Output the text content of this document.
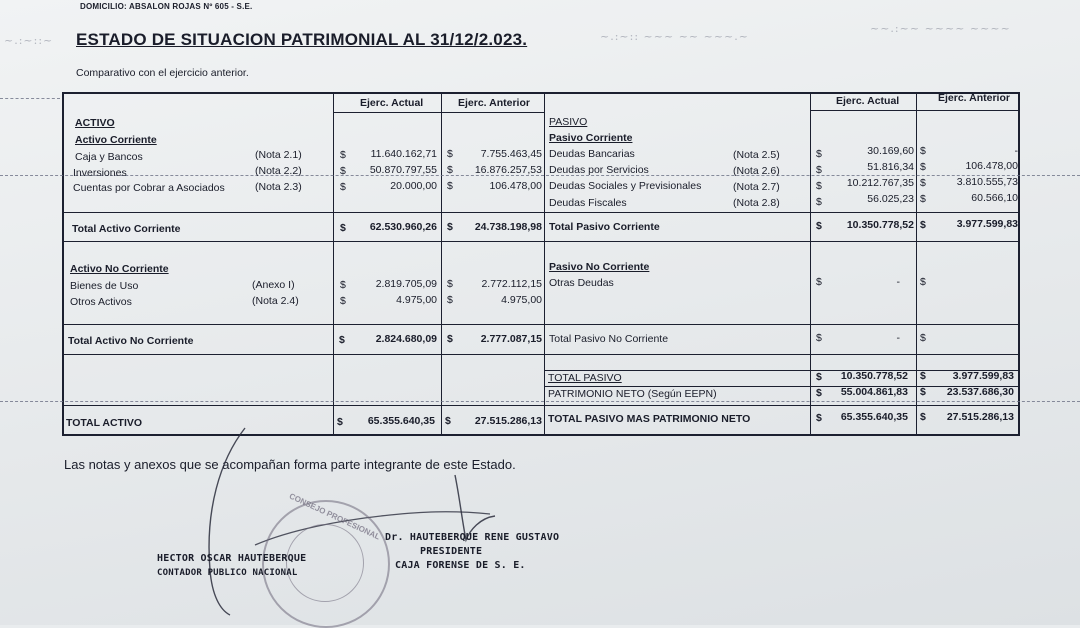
~.:~::~	~.:~:: ~~~ ~~ ~~~.~
~~.:~~ ~~~~ ~~~~
DOMICILIO: ABSALON ROJAS Nº 605 - S.E.
ESTADO DE SITUACION PATRIMONIAL AL 31/12/2.023.
Comparativo con el ejercicio anterior.
Ejerc. Actual	Ejerc. Anterior	Ejerc. Actual	Ejerc. Anterior
ACTIVO
Activo Corriente
Caja y Bancos	(Nota 2.1)	$ 11.640.162,71 $	7.755.463,45
Inversiones	(Nota 2.2)	$ 50.870.797,55 $ 16.876.257,53
Cuentas por Cobrar a Asociados	(Nota 2.3)	$	20.000,00 $	106.478,00
Total Activo Corriente	$ 62.530.960,26 $ 24.738.198,98
Activo No Corriente
Bienes de Uso	(Anexo I)	$	2.819.705,09 $	2.772.112,15
Otros Activos	(Nota 2.4)	$	4.975,00 $	4.975,00
Total Activo No Corriente	$	2.824.680,09 $	2.777.087,15
TOTAL ACTIVO	$ 65.355.640,35 $ 27.515.286,13
PASIVO
Pasivo Corriente
Deudas Bancarias	(Nota 2.5)	$	30.169,60 $	-
Deudas por Servicios	(Nota 2.6)	$	51.816,34 $	106.478,00
Deudas Sociales y Previsionales	(Nota 2.7)	$ 10.212.767,35 $	3.810.555,73
Deudas Fiscales	(Nota 2.8)	$	56.025,23 $	60.566,10
Total Pasivo Corriente	$ 10.350.778,52 $	3.977.599,83
Pasivo No Corriente
Otras Deudas	$	- $
Total Pasivo No Corriente	$	- $
TOTAL PASIVO	$ 10.350.778,52 $	3.977.599,83
PATRIMONIO NETO (Según EEPN)	$ 55.004.861,83 $ 23.537.686,30
TOTAL PASIVO MAS PATRIMONIO NETO	$ 65.355.640,35 $ 27.515.286,13
Las notas y anexos que se acompañan forma parte integrante de este Estado.
CONSEJO PROFESIONAL
HECTOR OSCAR HAUTEBERQUE
CONTADOR PUBLICO NACIONAL
Dr. HAUTEBERQUE RENE GUSTAVO
PRESIDENTE
CAJA FORENSE DE S. E.
